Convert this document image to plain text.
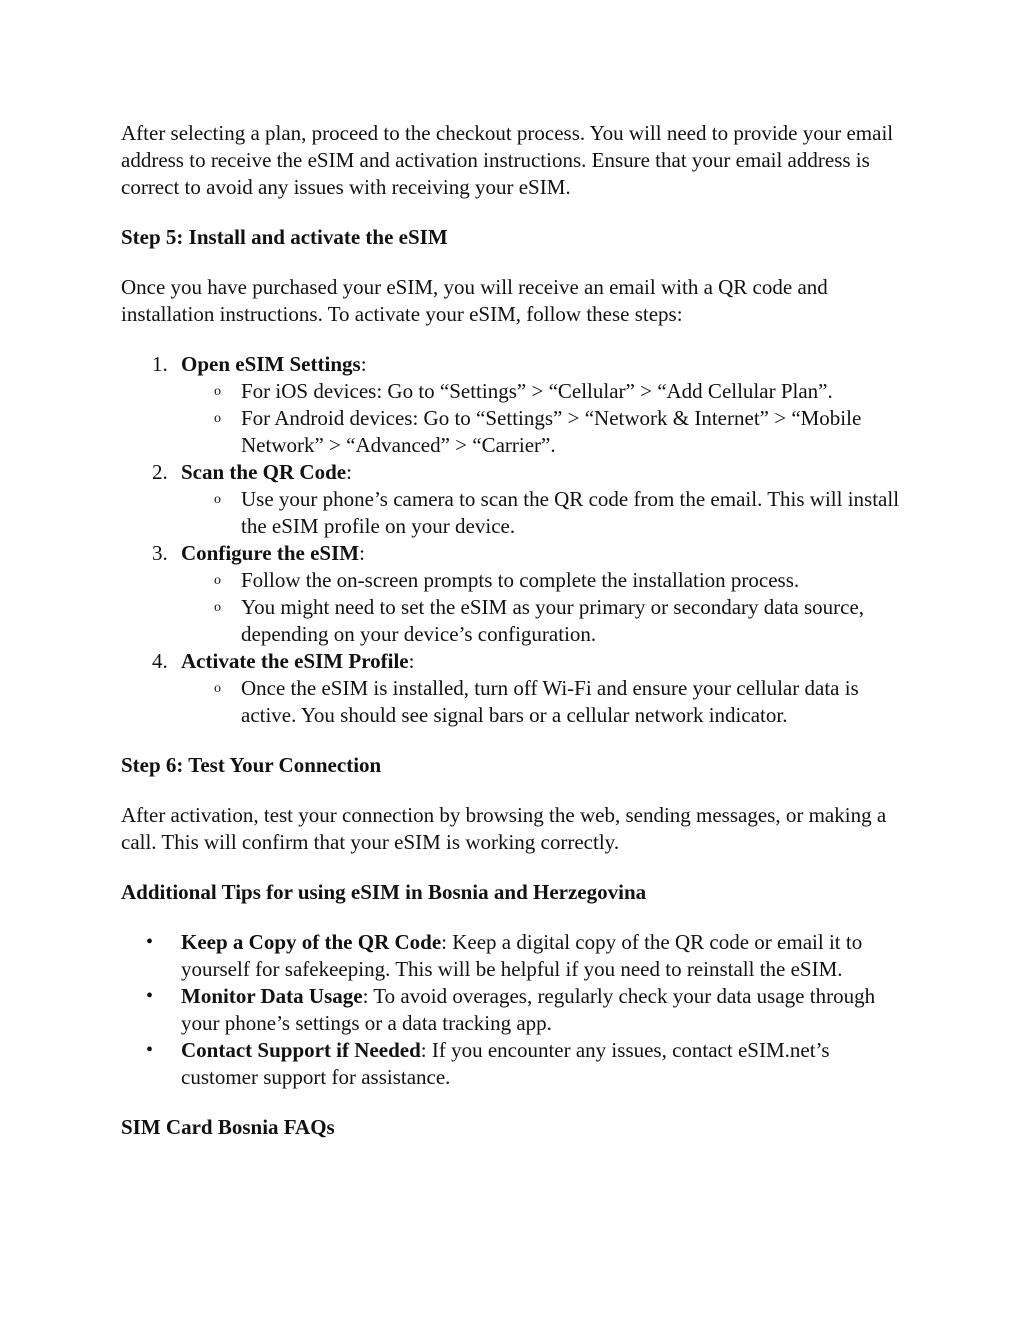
After selecting a plan, proceed to the checkout process. You will need to provide your email address to receive the eSIM and activation instructions. Ensure that your email address is correct to avoid any issues with receiving your eSIM.

Step 5: Install and activate the eSIM

Once you have purchased your eSIM, you will receive an email with a QR code and installation instructions. To activate your eSIM, follow these steps:

1. Open eSIM Settings:
o For iOS devices: Go to “Settings” > “Cellular” > “Add Cellular Plan”.
o For Android devices: Go to “Settings” > “Network & Internet” > “Mobile Network” > “Advanced” > “Carrier”.
2. Scan the QR Code:
o Use your phone’s camera to scan the QR code from the email. This will install the eSIM profile on your device.
3. Configure the eSIM:
o Follow the on-screen prompts to complete the installation process.
o You might need to set the eSIM as your primary or secondary data source, depending on your device’s configuration.
4. Activate the eSIM Profile:
o Once the eSIM is installed, turn off Wi-Fi and ensure your cellular data is active. You should see signal bars or a cellular network indicator.

Step 6: Test Your Connection

After activation, test your connection by browsing the web, sending messages, or making a call. This will confirm that your eSIM is working correctly.

Additional Tips for using eSIM in Bosnia and Herzegovina

• Keep a Copy of the QR Code: Keep a digital copy of the QR code or email it to yourself for safekeeping. This will be helpful if you need to reinstall the eSIM.
• Monitor Data Usage: To avoid overages, regularly check your data usage through your phone’s settings or a data tracking app.
• Contact Support if Needed: If you encounter any issues, contact eSIM.net’s customer support for assistance.

SIM Card Bosnia FAQs
